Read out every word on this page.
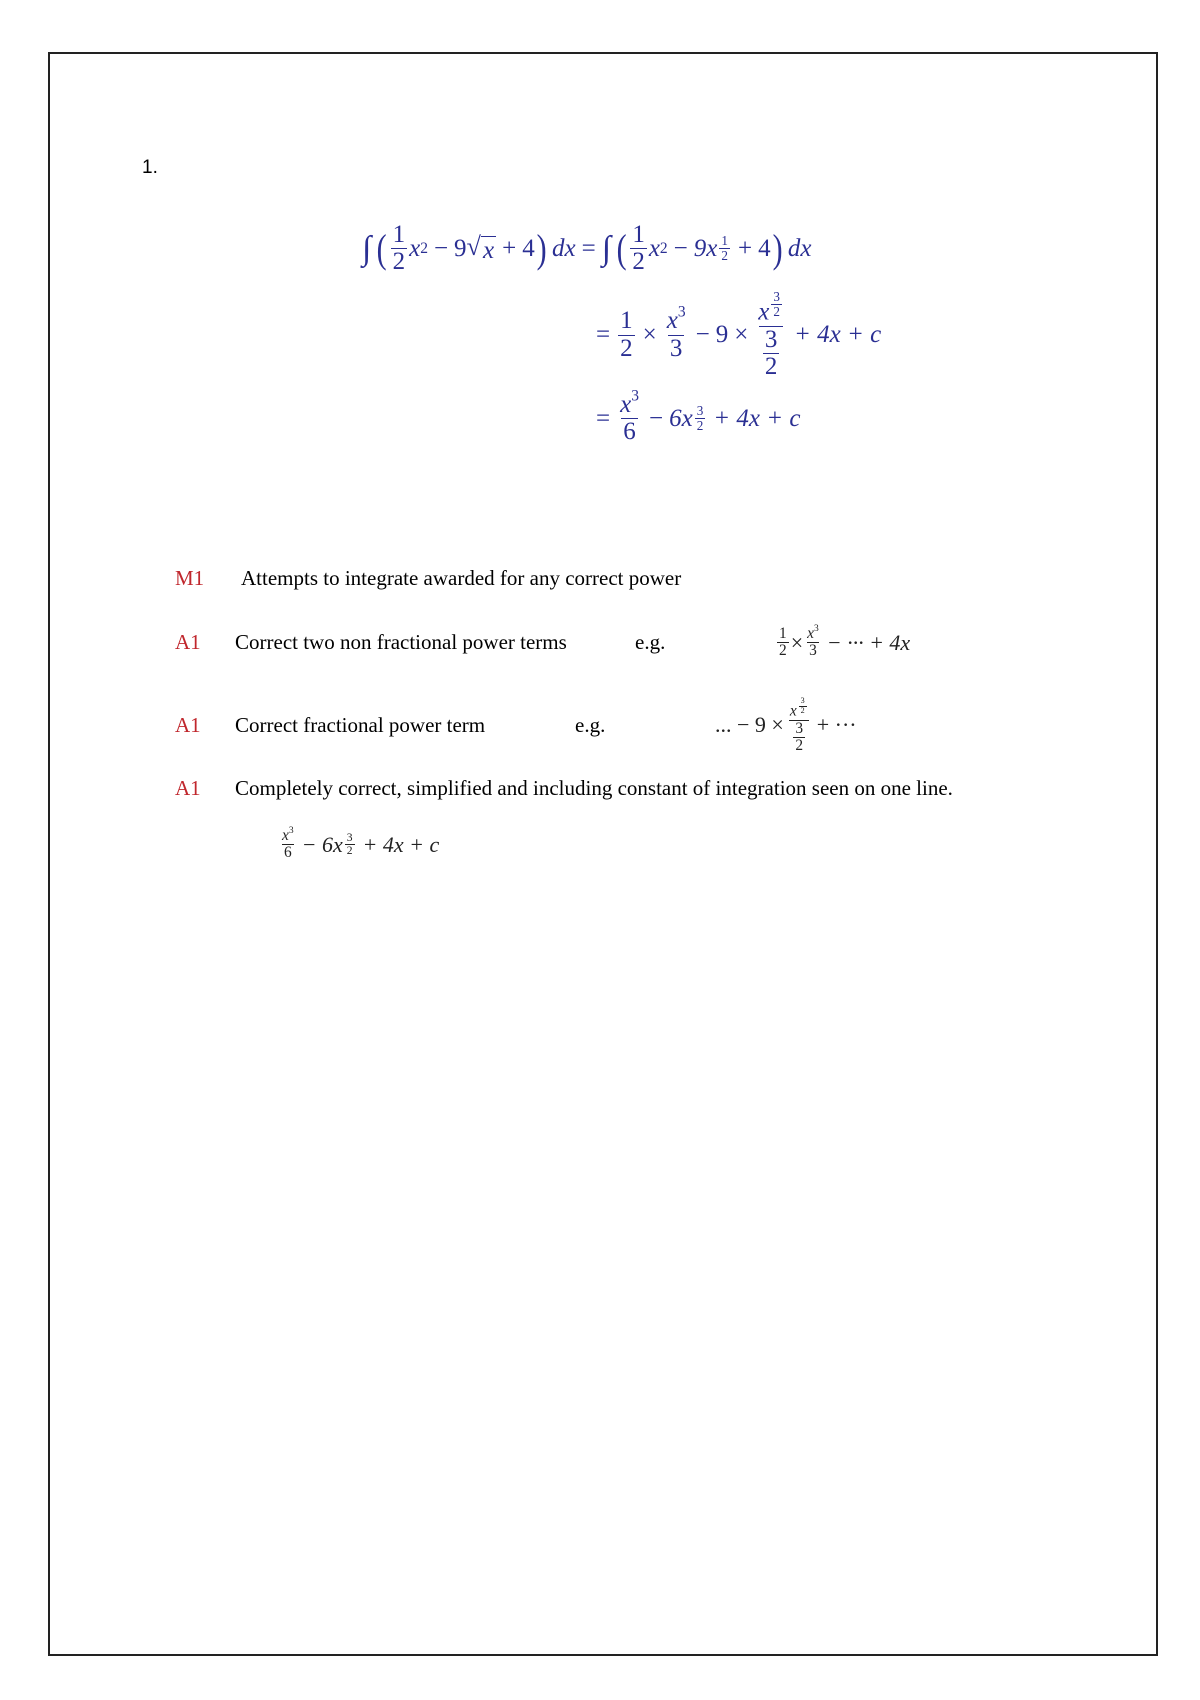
1.
∫ ( $\frac{1}{2}$ x 2 − 9 √ x + 4 ) dx = ∫ ( $\frac{1}{2}$ x $2 - 9x \frac{1}{2} + 4$ ) dx
= $\frac{1}{2} \times \frac{x^3}{3} - 9 \times x$ $^{\frac{3}{2}}$
$\frac{3}{2} + 4x + c$
= $\frac{x^3}{6} - 6x \frac{3}{2} + 4x + c$
M1	Attempts to integrate awarded for any correct power
A1	Correct two non fractional power terms	e.g.	$\frac{1}{2} \times \frac{x^3}{3}$ − ··· + 4x
A1	Correct fractional power term	e.g.	... − 9 × x $^{\frac{3}{2}}$
$\frac{3}{2}$ + ···
A1	Completely correct, simplified and including constant of integration seen on one line.
$\frac{x^3}{6} - 6x \frac{3}{2} + 4x + c$
